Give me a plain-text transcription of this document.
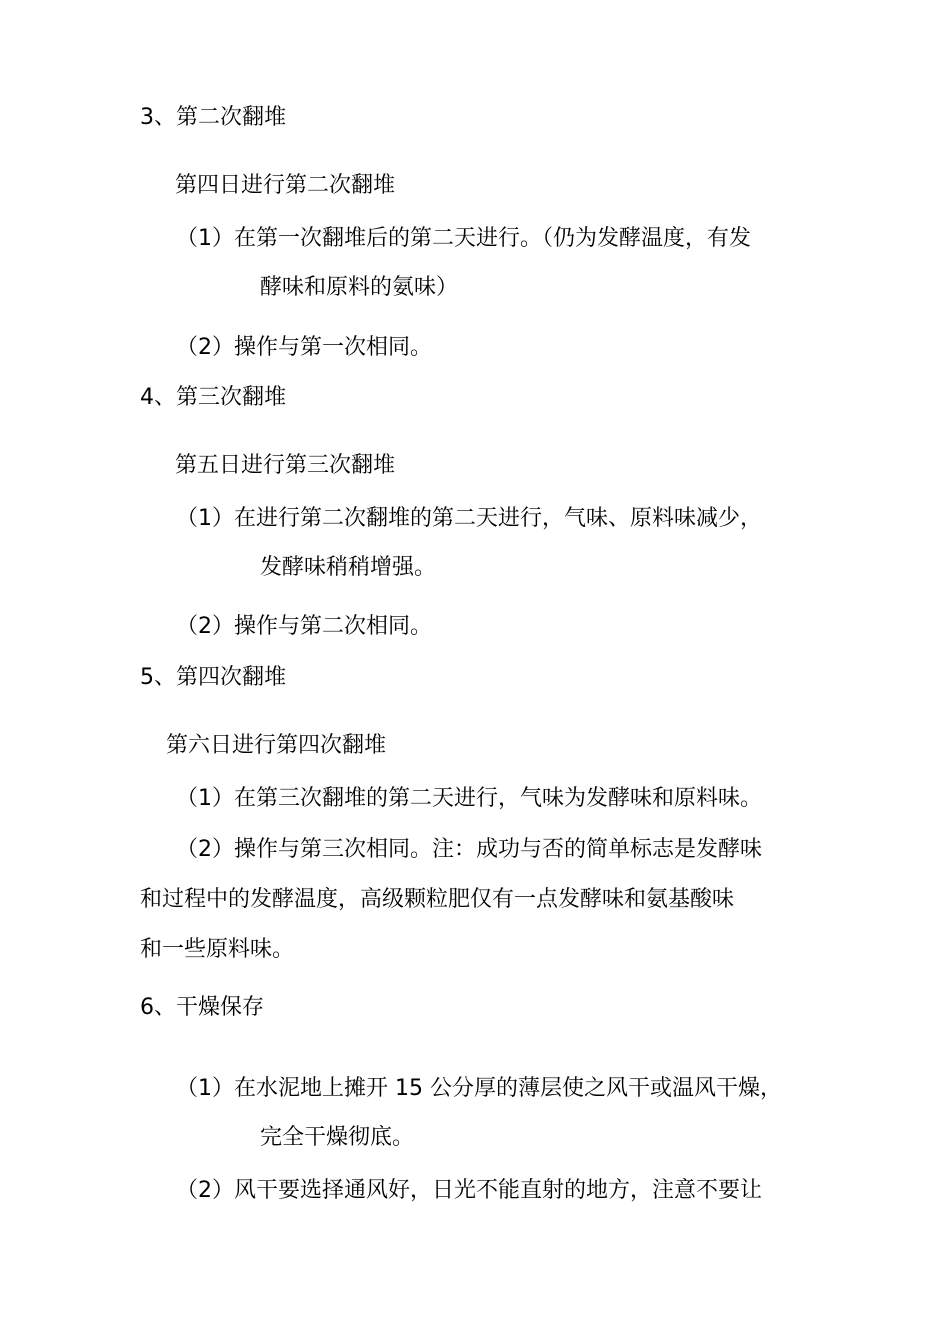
3、第二次翻堆
第四日进行第二次翻堆
（1）在第一次翻堆后的第二天进行。（仍为发酵温度，有发
酵味和原料的氨味）
（2）操作与第一次相同。
4、第三次翻堆
第五日进行第三次翻堆
（1）在进行第二次翻堆的第二天进行，气味、原料味减少，
发酵味稍稍增强。
（2）操作与第二次相同。
5、第四次翻堆
第六日进行第四次翻堆
（1）在第三次翻堆的第二天进行，气味为发酵味和原料味。
（2）操作与第三次相同。注：成功与否的简单标志是发酵味
和过程中的发酵温度，高级颗粒肥仅有一点发酵味和氨基酸味
和一些原料味。
6、干燥保存
（1）在水泥地上摊开 15 公分厚的薄层使之风干或温风干燥，
完全干燥彻底。
（2）风干要选择通风好，日光不能直射的地方，注意不要让
